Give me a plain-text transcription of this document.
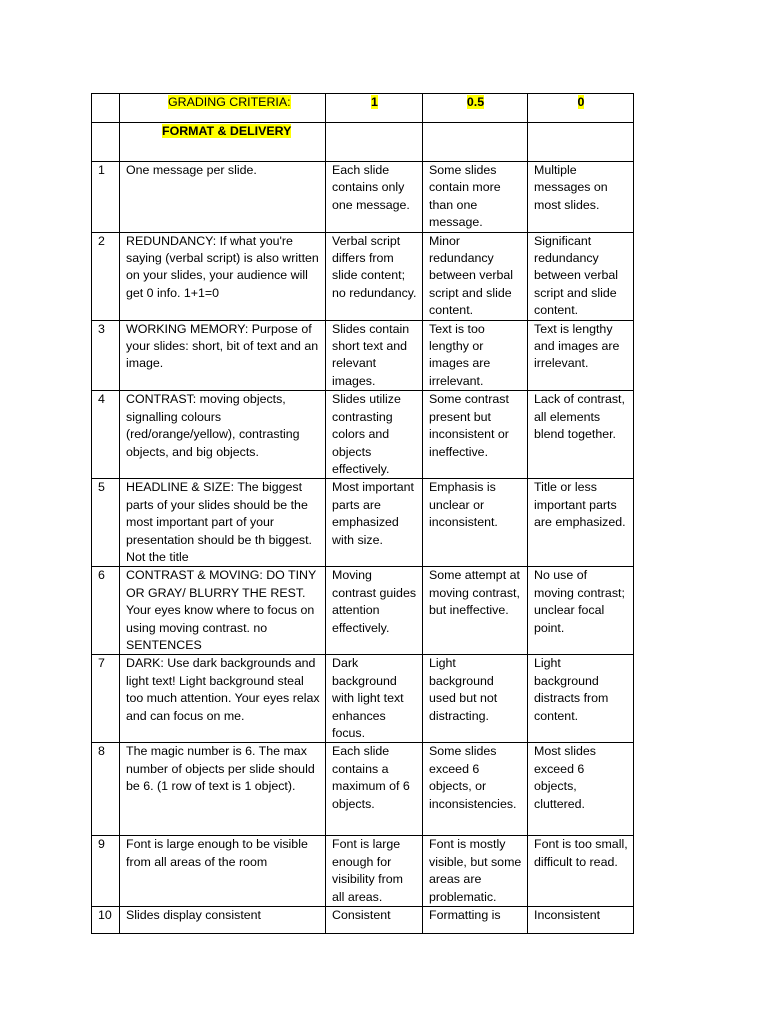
	GRADING CRITERIA:	1	0.5	0
	FORMAT & DELIVERY			
1	One message per slide.	Each slide contains only one message.	Some slides contain more than one message.	Multiple messages on most slides.
2	REDUNDANCY: If what you're saying (verbal script) is also written on your slides, your audience will get 0 info. 1+1=0	Verbal script differs from slide content; no redundancy.	Minor redundancy between verbal script and slide content.	Significant redundancy between verbal script and slide content.
3	WORKING MEMORY: Purpose of your slides: short, bit of text and an image.	Slides contain short text and relevant images.	Text is too lengthy or images are irrelevant.	Text is lengthy and images are irrelevant.
4	CONTRAST: moving objects, signalling colours (red/orange/yellow), contrasting objects, and big objects.	Slides utilize contrasting colors and objects effectively.	Some contrast present but inconsistent or ineffective.	Lack of contrast, all elements blend together.
5	HEADLINE & SIZE: The biggest parts of your slides should be the most important part of your presentation should be th biggest. Not the title	Most important parts are emphasized with size.	Emphasis is unclear or inconsistent.	Title or less important parts are emphasized.
6	CONTRAST & MOVING: DO TINY OR GRAY/ BLURRY THE REST. Your eyes know where to focus on using moving contrast. no SENTENCES	Moving contrast guides attention effectively.	Some attempt at moving contrast, but ineffective.	No use of moving contrast; unclear focal point.
7	DARK: Use dark backgrounds and light text! Light background steal too much attention. Your eyes relax and can focus on me.	Dark background with light text enhances focus.	Light background used but not distracting.	Light background distracts from content.
8	The magic number is 6. The max number of objects per slide should be 6. (1 row of text is 1 object).	Each slide contains a maximum of 6 objects.	Some slides exceed 6 objects, or inconsistencies.	Most slides exceed 6 objects, cluttered.
9	Font is large enough to be visible from all areas of the room	Font is large enough for visibility from all areas.	Font is mostly visible, but some areas are problematic.	Font is too small, difficult to read.
10	Slides display consistent	Consistent	Formatting is	Inconsistent
